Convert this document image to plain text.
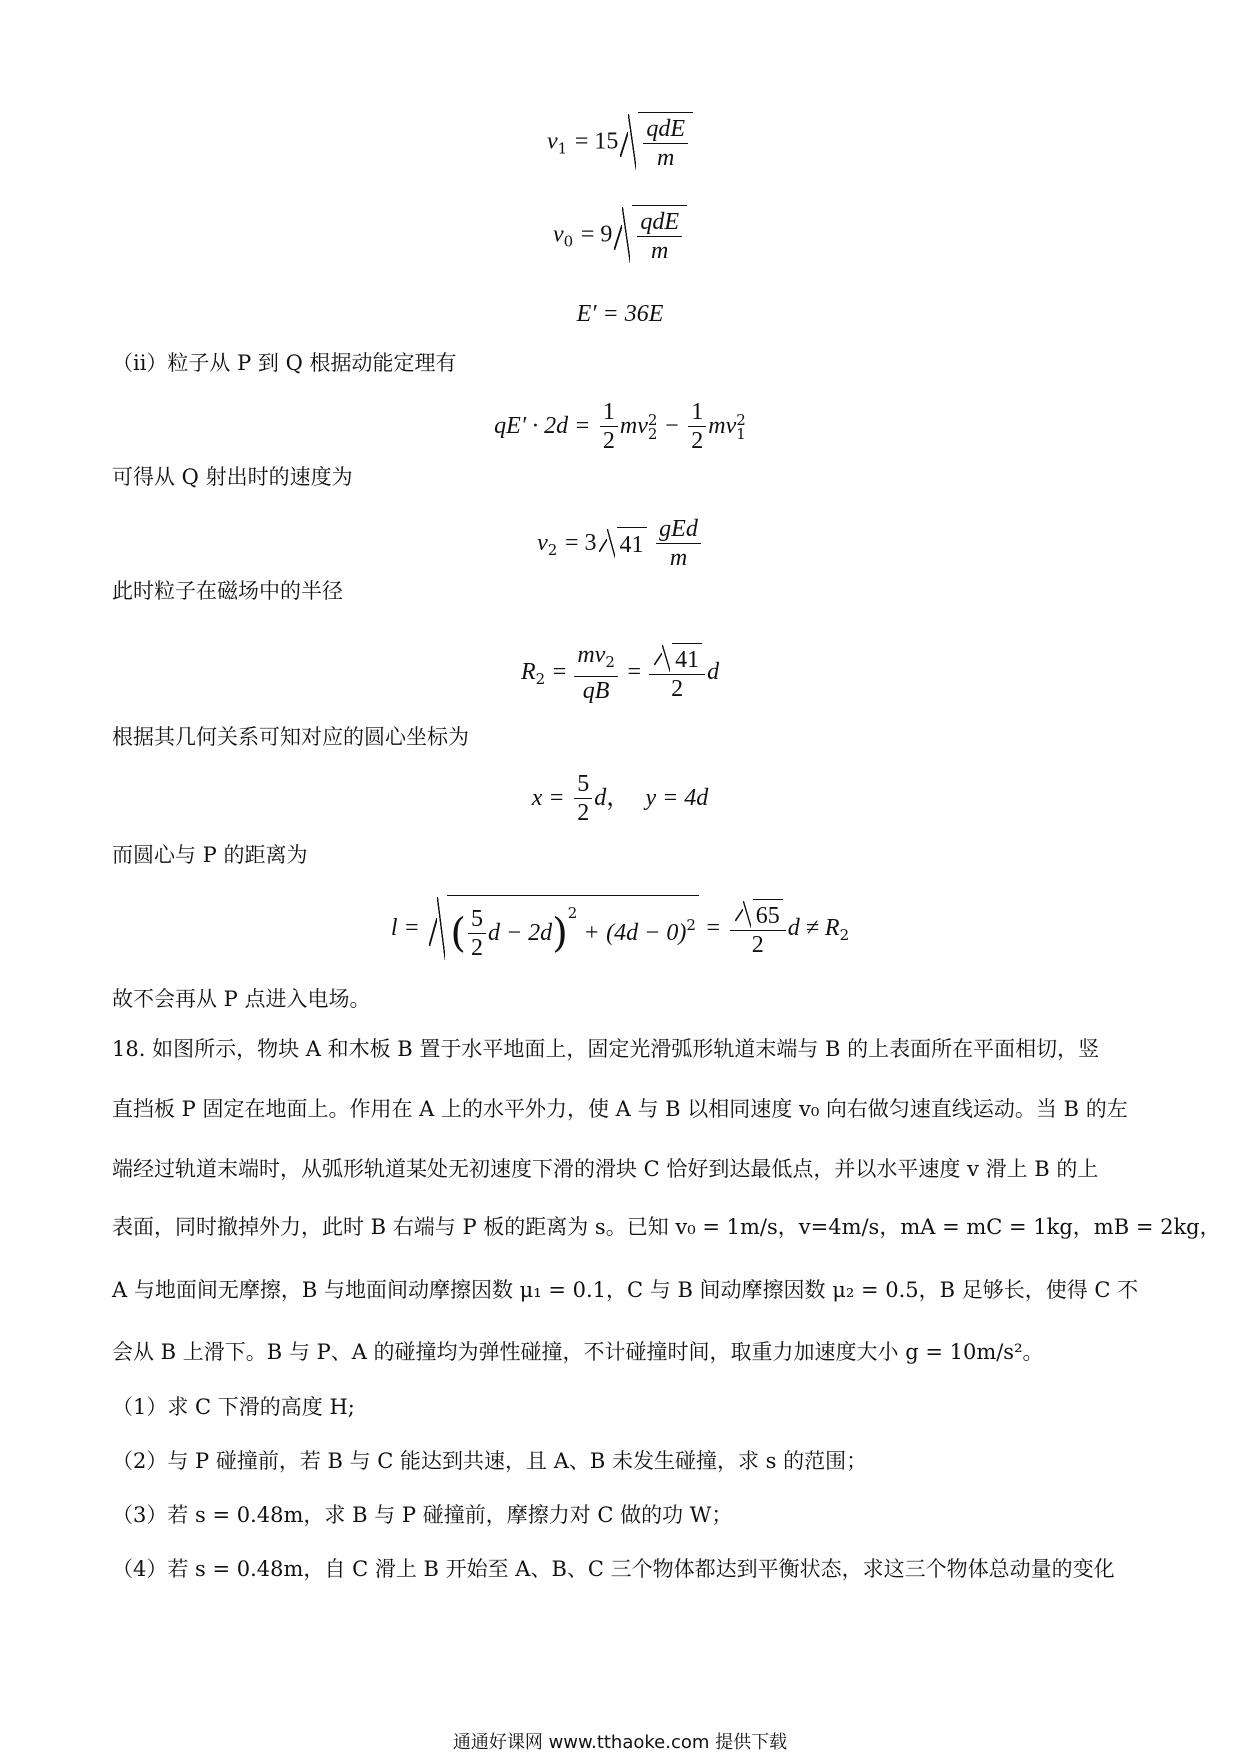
$v_1 = 15 \frac{\text{qdE}}{m}$
$v_0 = 9 \frac{\text{qdE}}{m}$
E′ = 36E
（ii）粒子从 P 到 Q 根据动能定理有
$qE' \cdot 2d = \frac{1}{2}$ mv 2
$2 - \frac{1}{2}$ mv 2
1
可得从 Q 射出时的速度为
$v_2 = 3$ $41 \frac{\text{gEd}}{m}$
此时粒子在磁场中的半径
$R_2 = \frac{mv_2}{qB} = \frac{41}{2}$ d
根据其几何关系可知对应的圆心坐标为
$x = \frac{5}{2}$ d， y = 4d
而圆心与 P 的距离为
l = ( $\frac{5}{2}$ $d - 2d)^2 + (4d - 0)^2 = \frac{65}{2}$ $d \ne R_2$
故不会再从 P 点进入电场。
18. 如图所示，物块 A 和木板 B 置于水平地面上，固定光滑弧形轨道末端与 B 的上表面所在平面相切，竖
直挡板 P 固定在地面上。作用在 A 上的水平外力，使 A 与 B 以相同速度 v₀ 向右做匀速直线运动。当 B 的左
端经过轨道末端时，从弧形轨道某处无初速度下滑的滑块 C 恰好到达最低点，并以水平速度 v 滑上 B 的上
表面，同时撤掉外力，此时 B 右端与 P 板的距离为 s。已知 v₀ = 1m/s，v=4m/s，mA = mC = 1kg，mB = 2kg，
A 与地面间无摩擦，B 与地面间动摩擦因数 μ₁ = 0.1，C 与 B 间动摩擦因数 μ₂ = 0.5，B 足够长，使得 C 不
会从 B 上滑下。B 与 P、A 的碰撞均为弹性碰撞，不计碰撞时间，取重力加速度大小 g = 10m/s²。
（1）求 C 下滑的高度 H;
（2）与 P 碰撞前，若 B 与 C 能达到共速，且 A、B 未发生碰撞，求 s 的范围；
（3）若 s = 0.48m，求 B 与 P 碰撞前，摩擦力对 C 做的功 W；
（4）若 s = 0.48m，自 C 滑上 B 开始至 A、B、C 三个物体都达到平衡状态，求这三个物体总动量的变化
通通好课网 www.tthaoke.com 提供下载
